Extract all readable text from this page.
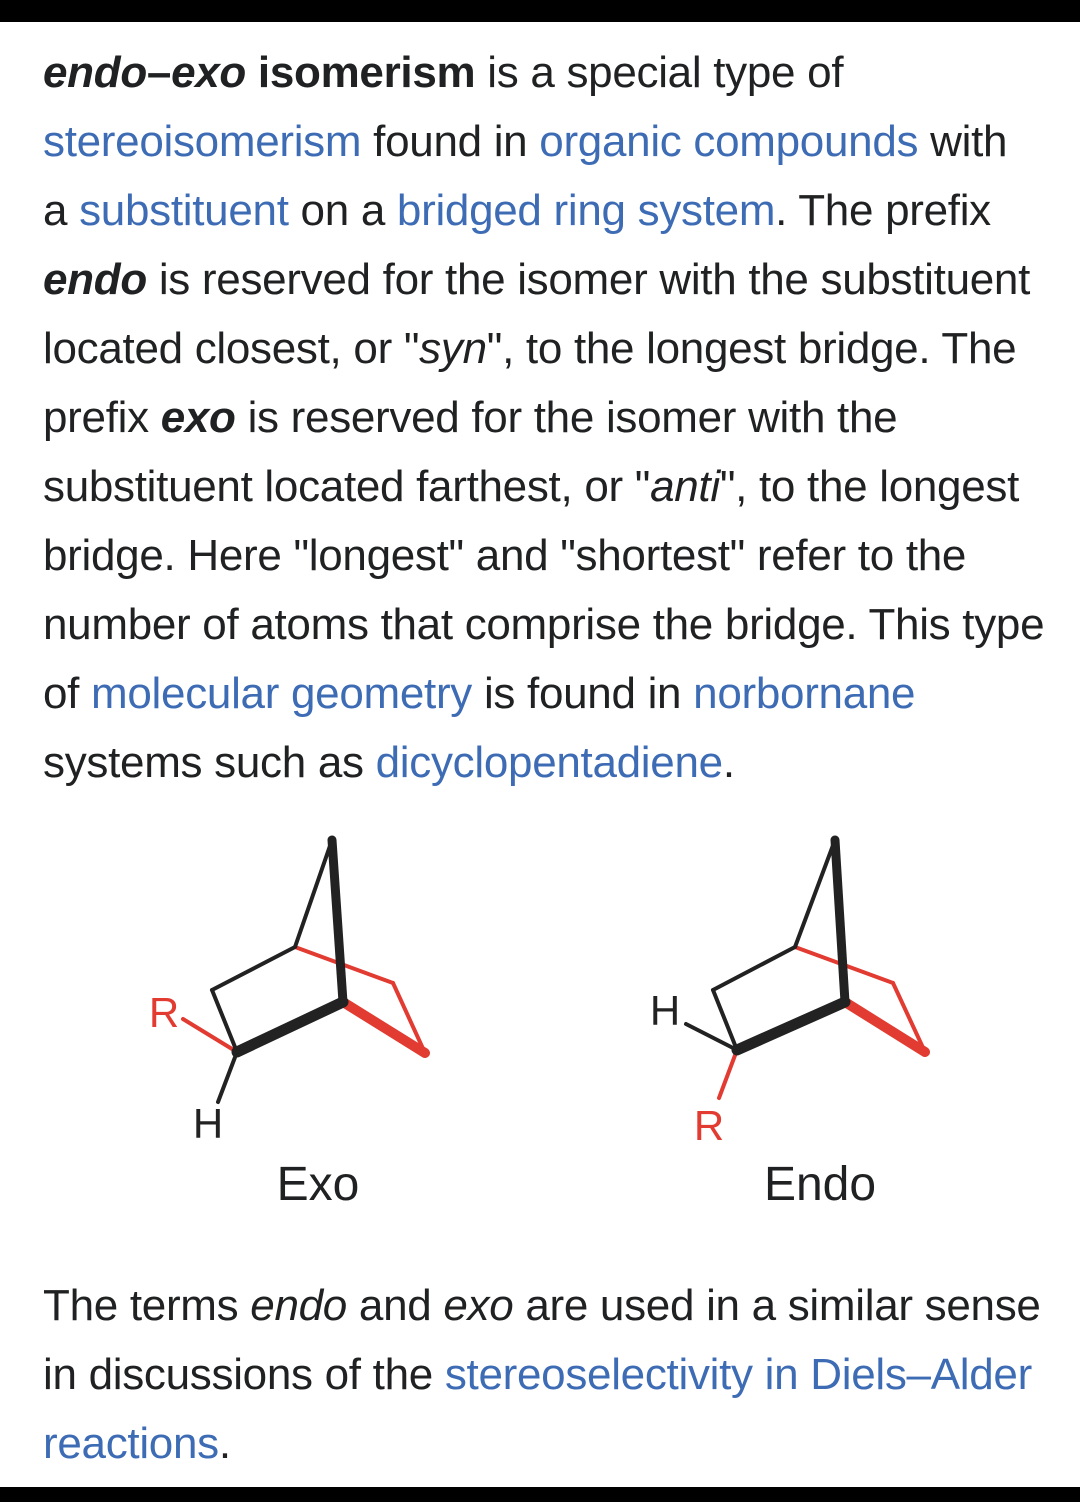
endo–exo isomerism is a special type of
stereoisomerism found in organic compounds with
a substituent on a bridged ring system. The prefix
endo is reserved for the isomer with the substituent
located closest, or "syn", to the longest bridge. The
prefix exo is reserved for the isomer with the
substituent located farthest, or "anti", to the longest
bridge. Here "longest" and "shortest" refer to the
number of atoms that comprise the bridge. This type
of molecular geometry is found in norbornane
systems such as dicyclopentadiene.
R
H
Exo
H
R
Endo
The terms endo and exo are used in a similar sense
in discussions of the stereoselectivity in Diels–Alder
reactions.
